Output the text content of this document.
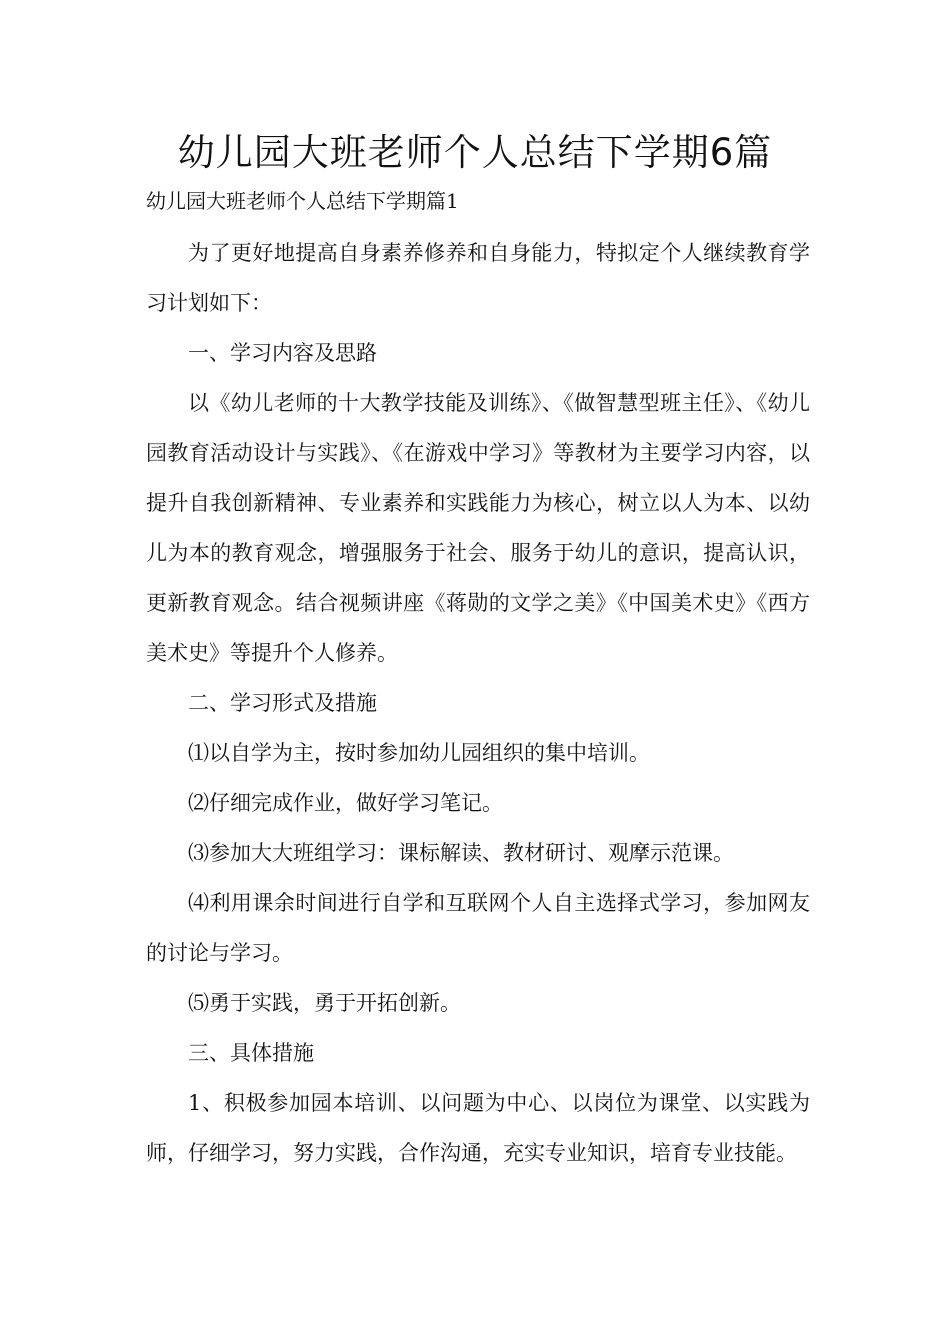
幼儿园大班老师个人总结下学期6篇

幼儿园大班老师个人总结下学期篇1

为了更好地提高自身素养修养和自身能力，特拟定个人继续教育学习计划如下：

一、学习内容及思路

以《幼儿老师的十大教学技能及训练》、《做智慧型班主任》、《幼儿园教育活动设计与实践》、《在游戏中学习》等教材为主要学习内容，以提升自我创新精神、专业素养和实践能力为核心，树立以人为本、以幼儿为本的教育观念，增强服务于社会、服务于幼儿的意识，提高认识，更新教育观念。结合视频讲座《蒋勋的文学之美》《中国美术史》《西方美术史》等提升个人修养。

二、学习形式及措施

⑴以自学为主，按时参加幼儿园组织的集中培训。

⑵仔细完成作业，做好学习笔记。

⑶参加大大班组学习：课标解读、教材研讨、观摩示范课。

⑷利用课余时间进行自学和互联网个人自主选择式学习，参加网友的讨论与学习。

⑸勇于实践，勇于开拓创新。

三、具体措施

1、积极参加园本培训、以问题为中心、以岗位为课堂、以实践为师，仔细学习，努力实践，合作沟通，充实专业知识，培育专业技能。
